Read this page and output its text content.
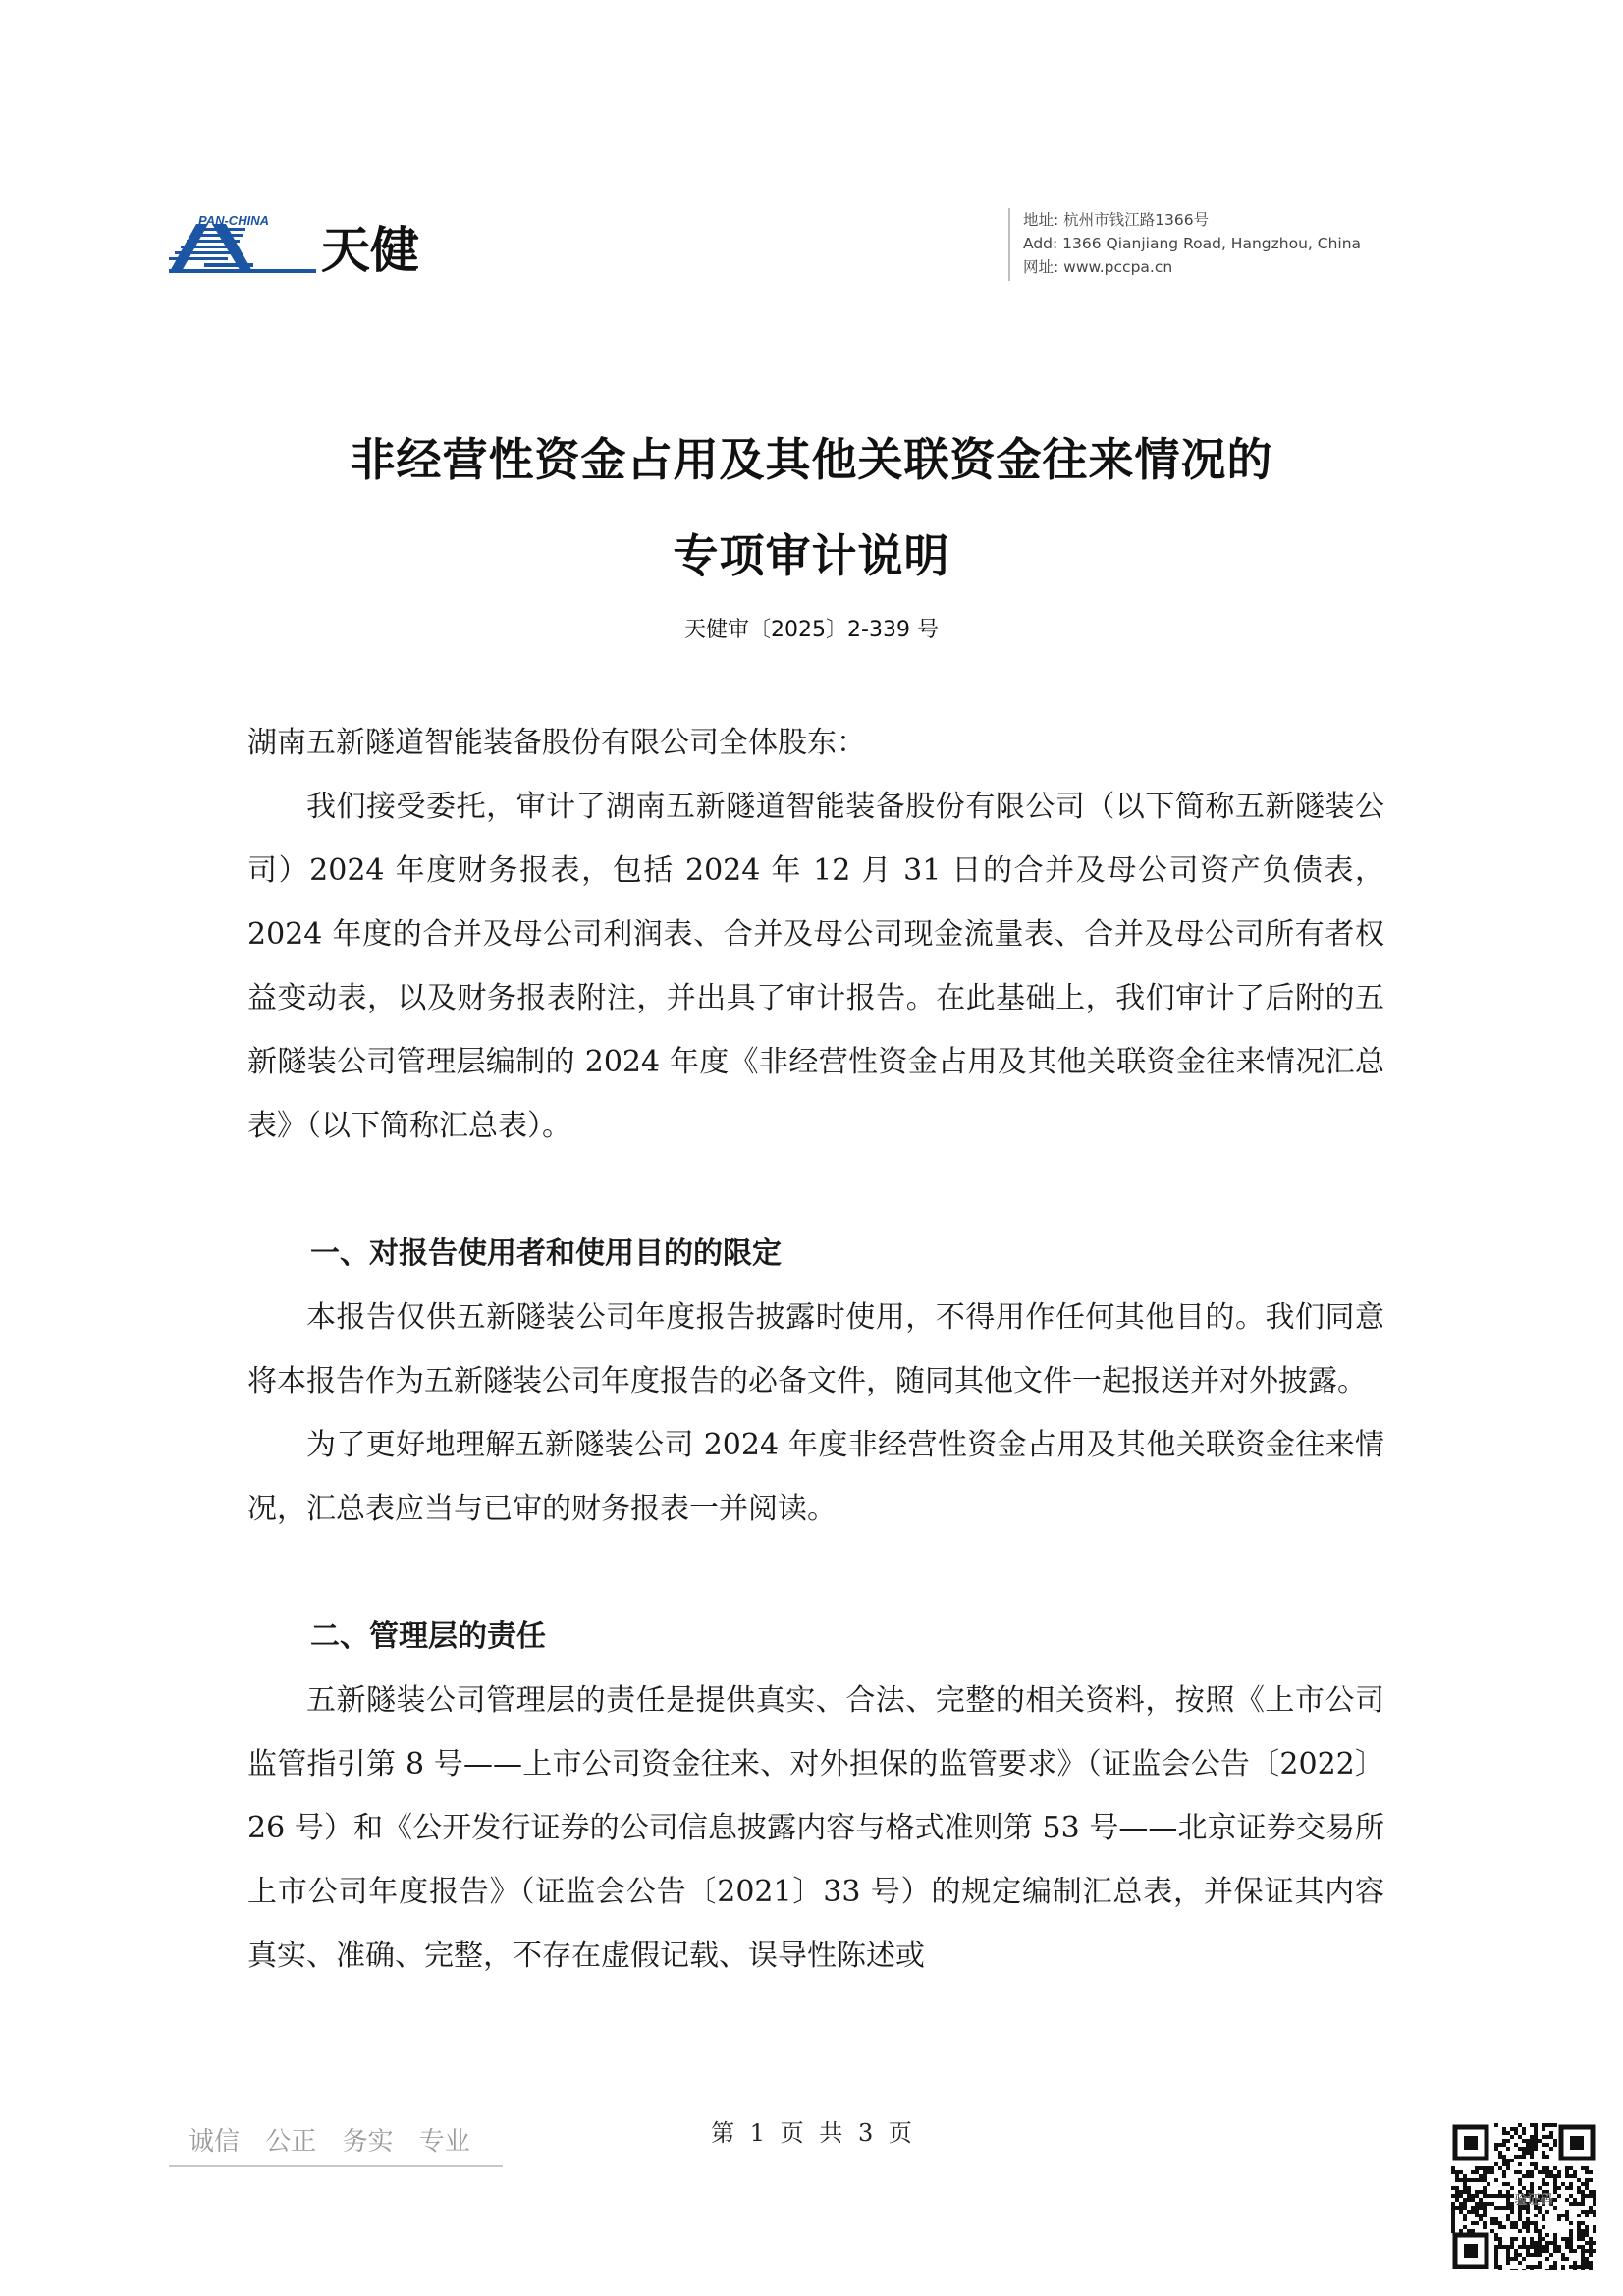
PAN-CHINA
天健
地址: 杭州市钱江路1366号
Add: 1366 Qianjiang Road, Hangzhou, China
网址: www.pccpa.cn
非经营性资金占用及其他关联资金往来情况的
专项审计说明
天健审〔2025〕2-339 号

湖南五新隧道智能装备股份有限公司全体股东：

我们接受委托，审计了湖南五新隧道智能装备股份有限公司（以下简称五新隧装公司）2024 年度财务报表，包括 2024 年 12 月 31 日的合并及母公司资产负债表，2024 年度的合并及母公司利润表、合并及母公司现金流量表、合并及母公司所有者权益变动表，以及财务报表附注，并出具了审计报告。在此基础上，我们审计了后附的五新隧装公司管理层编制的 2024 年度《非经营性资金占用及其他关联资金往来情况汇总表》（以下简称汇总表）。

一、对报告使用者和使用目的的限定

本报告仅供五新隧装公司年度报告披露时使用，不得用作任何其他目的。我们同意将本报告作为五新隧装公司年度报告的必备文件，随同其他文件一起报送并对外披露。

为了更好地理解五新隧装公司 2024 年度非经营性资金占用及其他关联资金往来情况，汇总表应当与已审的财务报表一并阅读。

二、管理层的责任

五新隧装公司管理层的责任是提供真实、合法、完整的相关资料，按照《上市公司监管指引第 8 号——上市公司资金往来、对外担保的监管要求》（证监会公告〔2022〕26 号）和《公开发行证券的公司信息披露内容与格式准则第 53 号——北京证券交易所上市公司年度报告》（证监会公告〔2021〕33 号）的规定编制汇总表，并保证其内容真实、准确、完整，不存在虚假记载、误导性陈述或

诚信 公正 务实 专业	第 1 页 共 3 页
验证码
